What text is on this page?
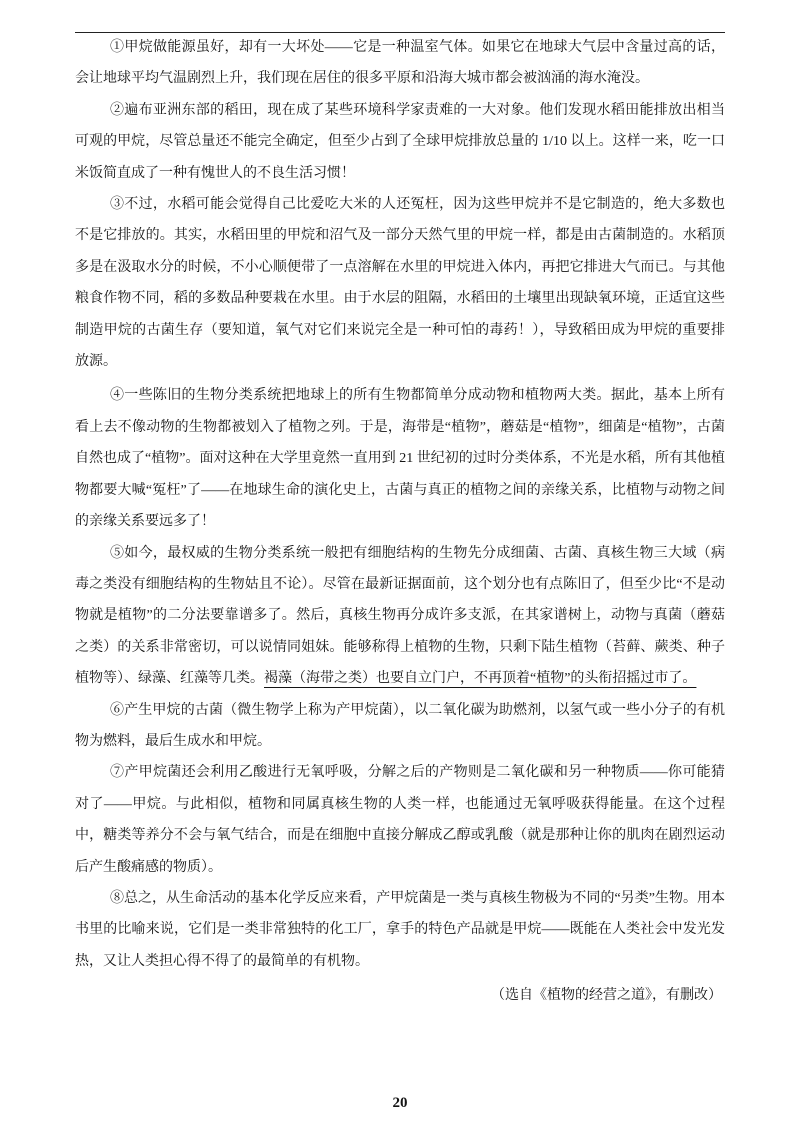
①甲烷做能源虽好，却有一大坏处——它是一种温室气体。如果它在地球大气层中含量过高的话，会让地球平均气温剧烈上升，我们现在居住的很多平原和沿海大城市都会被汹涌的海水淹没。

②遍布亚洲东部的稻田，现在成了某些环境科学家责难的一大对象。他们发现水稻田能排放出相当可观的甲烷，尽管总量还不能完全确定，但至少占到了全球甲烷排放总量的 1/10 以上。这样一来，吃一口米饭简直成了一种有愧世人的不良生活习惯！

③不过，水稻可能会觉得自己比爱吃大米的人还冤枉，因为这些甲烷并不是它制造的，绝大多数也不是它排放的。其实，水稻田里的甲烷和沼气及一部分天然气里的甲烷一样，都是由古菌制造的。水稻顶多是在汲取水分的时候，不小心顺便带了一点溶解在水里的甲烷进入体内，再把它排进大气而已。与其他粮食作物不同，稻的多数品种要栽在水里。由于水层的阻隔，水稻田的土壤里出现缺氧环境，正适宜这些制造甲烷的古菌生存（要知道，氧气对它们来说完全是一种可怕的毒药！），导致稻田成为甲烷的重要排放源。

④一些陈旧的生物分类系统把地球上的所有生物都简单分成动物和植物两大类。据此，基本上所有看上去不像动物的生物都被划入了植物之列。于是，海带是“植物”，蘑菇是“植物”，细菌是“植物”，古菌自然也成了“植物”。面对这种在大学里竟然一直用到 21 世纪初的过时分类体系，不光是水稻，所有其他植物都要大喊“冤枉”了——在地球生命的演化史上，古菌与真正的植物之间的亲缘关系，比植物与动物之间的亲缘关系要远多了！

⑤如今，最权威的生物分类系统一般把有细胞结构的生物先分成细菌、古菌、真核生物三大域（病毒之类没有细胞结构的生物姑且不论）。尽管在最新证据面前，这个划分也有点陈旧了，但至少比“不是动物就是植物”的二分法要靠谱多了。然后，真核生物再分成许多支派，在其家谱树上，动物与真菌（蘑菇之类）的关系非常密切，可以说情同姐妹。能够称得上植物的生物，只剩下陆生植物（苔藓、蕨类、种子植物等）、绿藻、红藻等几类。褐藻（海带之类）也要自立门户，不再顶着“植物”的头衔招摇过市了。

⑥产生甲烷的古菌（微生物学上称为产甲烷菌），以二氧化碳为助燃剂，以氢气或一些小分子的有机物为燃料，最后生成水和甲烷。

⑦产甲烷菌还会利用乙酸进行无氧呼吸，分解之后的产物则是二氧化碳和另一种物质——你可能猜对了——甲烷。与此相似，植物和同属真核生物的人类一样，也能通过无氧呼吸获得能量。在这个过程中，糖类等养分不会与氧气结合，而是在细胞中直接分解成乙醇或乳酸（就是那种让你的肌肉在剧烈运动后产生酸痛感的物质）。

⑧总之，从生命活动的基本化学反应来看，产甲烷菌是一类与真核生物极为不同的“另类”生物。用本书里的比喻来说，它们是一类非常独特的化工厂，拿手的特色产品就是甲烷——既能在人类社会中发光发热，又让人类担心得不得了的最简单的有机物。

（选自《植物的经营之道》，有删改）

20
